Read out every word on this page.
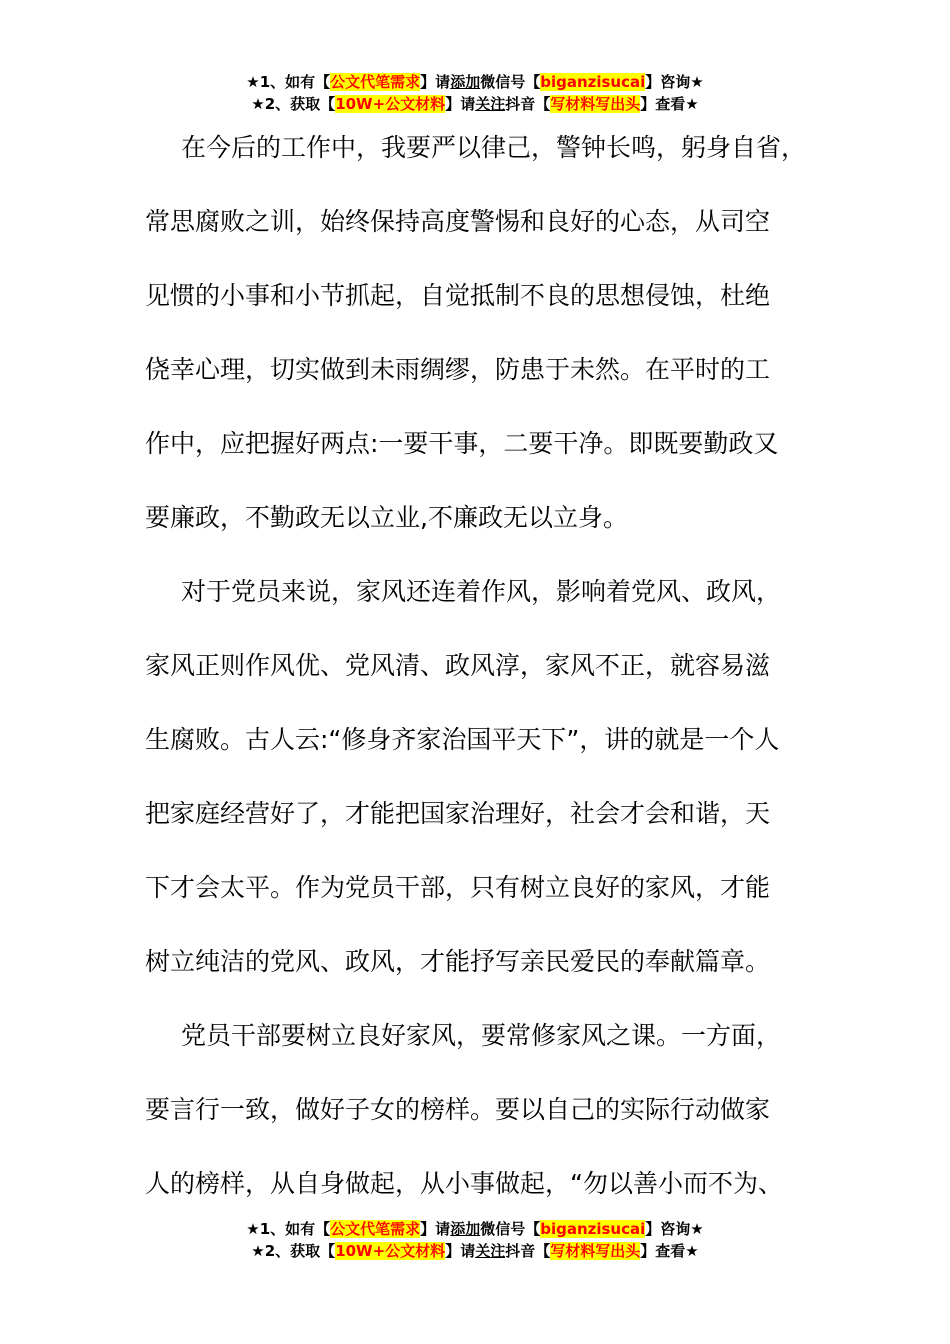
★1、如有【公文代笔需求】请添加微信号【biganzisucai】咨询★
★2、获取【10W+公文材料】请关注抖音【写材料写出头】查看★
在今后的工作中，我要严以律己，警钟长鸣，躬身自省，
常思腐败之训，始终保持高度警惕和良好的心态，从司空
见惯的小事和小节抓起，自觉抵制不良的思想侵蚀，杜绝
侥幸心理，切实做到未雨绸缪，防患于未然。在平时的工
作中，应把握好两点:一要干事，二要干净。即既要勤政又
要廉政，不勤政无以立业,不廉政无以立身。
对于党员来说，家风还连着作风，影响着党风、政风，
家风正则作风优、党风清、政风淳，家风不正，就容易滋
生腐败。古人云:“修身齐家治国平天下”，讲的就是一个人
把家庭经营好了，才能把国家治理好，社会才会和谐，天
下才会太平。作为党员干部，只有树立良好的家风，才能
树立纯洁的党风、政风，才能抒写亲民爱民的奉献篇章。
党员干部要树立良好家风，要常修家风之课。一方面，
要言行一致，做好子女的榜样。要以自己的实际行动做家
人的榜样，从自身做起，从小事做起，“勿以善小而不为、
★1、如有【公文代笔需求】请添加微信号【biganzisucai】咨询★
★2、获取【10W+公文材料】请关注抖音【写材料写出头】查看★
